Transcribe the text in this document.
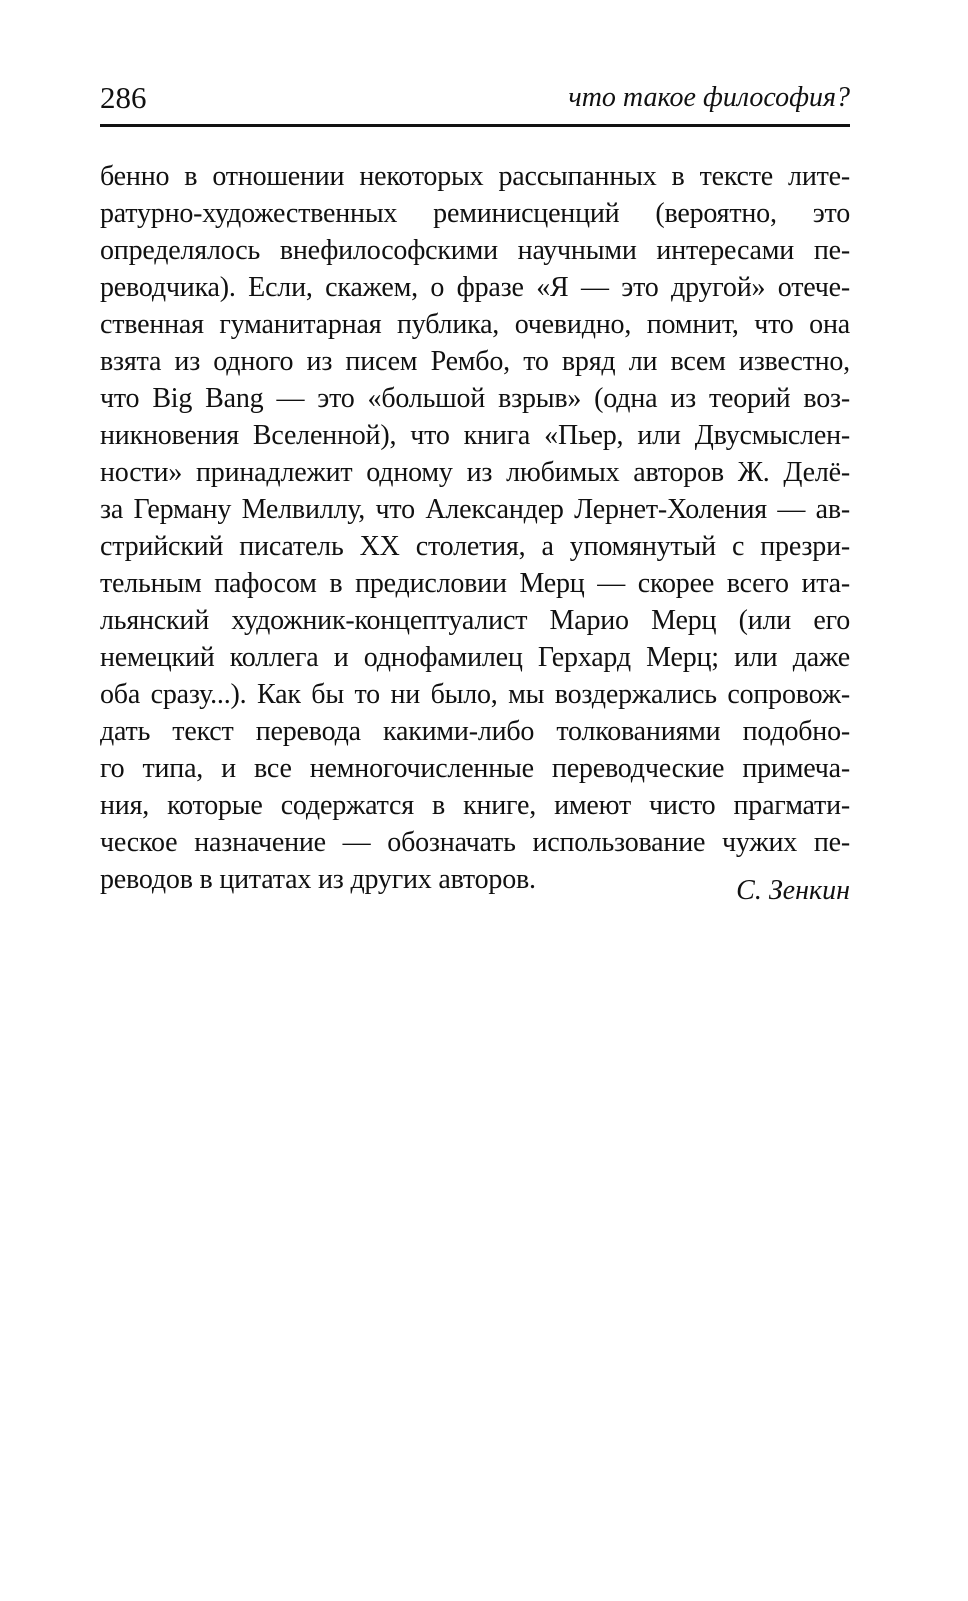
286	что такое философия?
бенно в отношении некоторых рассыпанных в тексте лите-
ратурно-художественных реминисценций (вероятно, это
определялось внефилософскими научными интересами пе-
реводчика). Если, скажем, о фразе «Я — это другой» отече-
ственная гуманитарная публика, очевидно, помнит, что она
взята из одного из писем Рембо, то вряд ли всем известно,
что Big Bang — это «большой взрыв» (одна из теорий воз-
никновения Вселенной), что книга «Пьер, или Двусмыслен-
ности» принадлежит одному из любимых авторов Ж. Делё-
за Герману Мелвиллу, что Александер Лернет-Холения — ав-
стрийский писатель XX столетия, а упомянутый с презри-
тельным пафосом в предисловии Мерц — скорее всего ита-
льянский художник-концептуалист Марио Мерц (или его
немецкий коллега и однофамилец Герхард Мерц; или даже
оба сразу...). Как бы то ни было, мы воздержались сопровож-
дать текст перевода какими-либо толкованиями подобно-
го типа, и все немногочисленные переводческие примеча-
ния, которые содержатся в книге, имеют чисто прагмати-
ческое назначение — обозначать использование чужих пе-
реводов в цитатах из других авторов.	С. Зенкин
